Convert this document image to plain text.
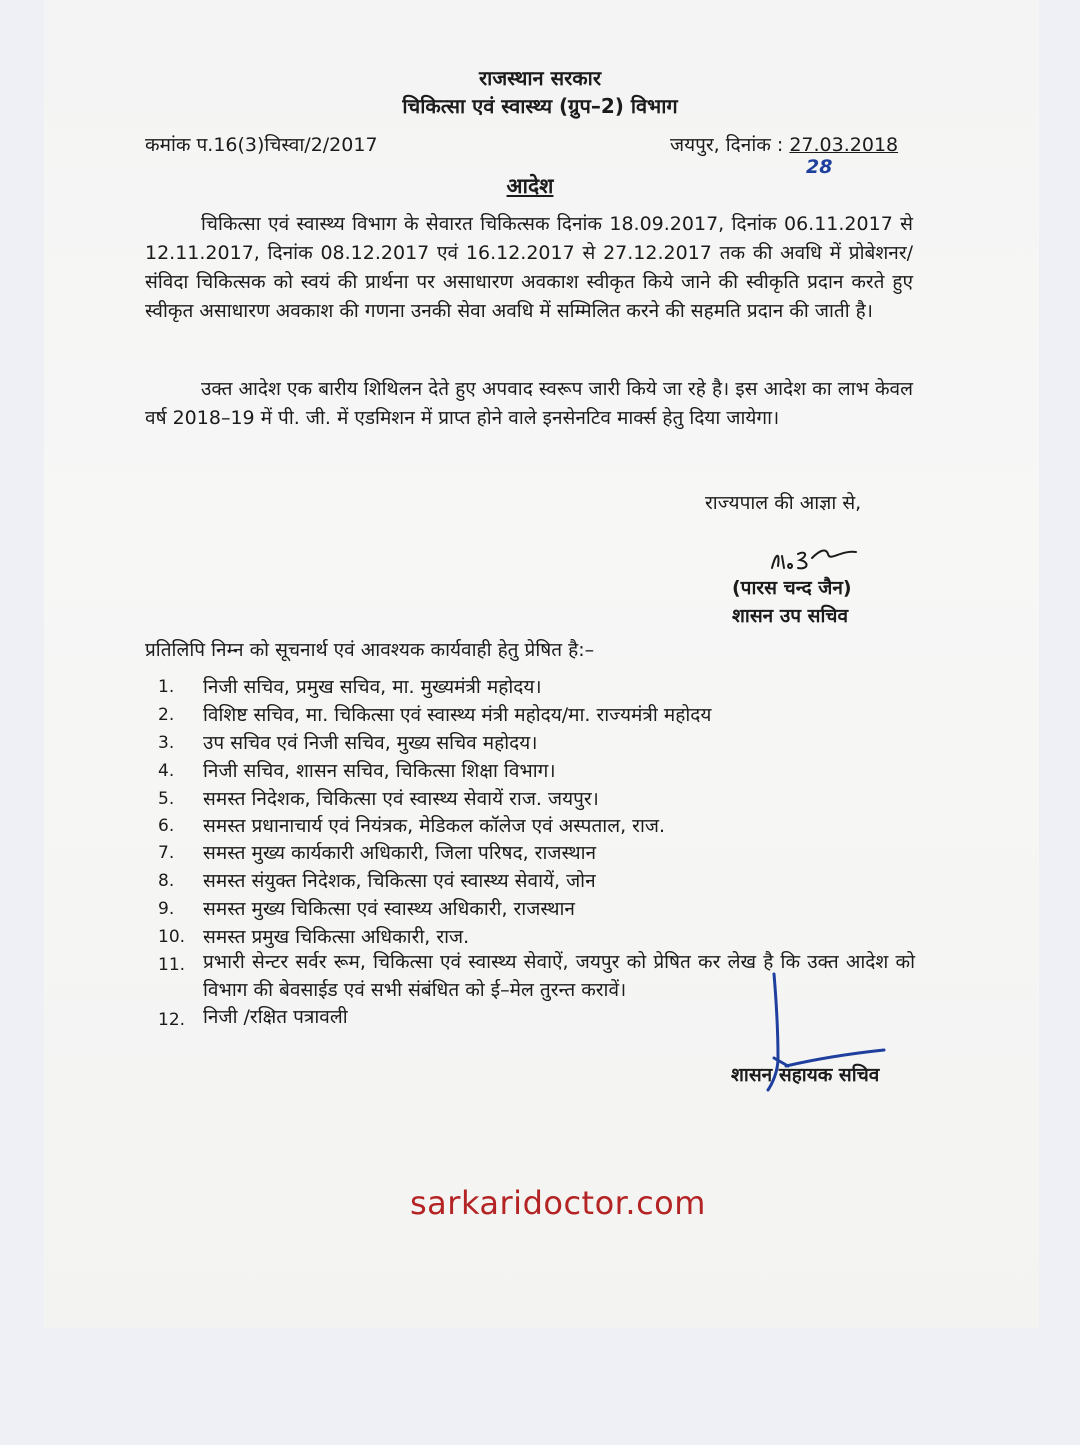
राजस्थान सरकार
चिकित्सा एवं स्वास्थ्य (ग्रुप–2) विभाग
कमांक प.16(3)चिस्वा/2/2017	जयपुर, दिनांक : 27.03.2018
28
आदेश
चिकित्सा एवं स्वास्थ्य विभाग के सेवारत चिकित्सक दिनांक 18.09.2017, दिनांक 06.11.2017 से 12.11.2017, दिनांक 08.12.2017 एवं 16.12.2017 से 27.12.2017 तक की अवधि में प्रोबेशनर/संविदा चिकित्सक को स्वयं की प्रार्थना पर असाधारण अवकाश स्वीकृत किये जाने की स्वीकृति प्रदान करते हुए स्वीकृत असाधारण अवकाश की गणना उनकी सेवा अवधि में सम्मिलित करने की सहमति प्रदान की जाती है।
उक्त आदेश एक बारीय शिथिलन देते हुए अपवाद स्वरूप जारी किये जा रहे है। इस आदेश का लाभ केवल वर्ष 2018–19 में पी. जी. में एडमिशन में प्राप्त होने वाले इनसेनटिव मार्क्स हेतु दिया जायेगा।
राज्यपाल की आज्ञा से,
(पारस चन्द जैन)
शासन उप सचिव
प्रतिलिपि निम्न को सूचनार्थ एवं आवश्यक कार्यवाही हेतु प्रेषित है:–
1. निजी सचिव, प्रमुख सचिव, मा. मुख्यमंत्री महोदय।
2. विशिष्ट सचिव, मा. चिकित्सा एवं स्वास्थ्य मंत्री महोदय/मा. राज्यमंत्री महोदय
3. उप सचिव एवं निजी सचिव, मुख्य सचिव महोदय।
4. निजी सचिव, शासन सचिव, चिकित्सा शिक्षा विभाग।
5. समस्त निदेशक, चिकित्सा एवं स्वास्थ्य सेवायें राज. जयपुर।
6. समस्त प्रधानाचार्य एवं नियंत्रक, मेडिकल कॉलेज एवं अस्पताल, राज.
7. समस्त मुख्य कार्यकारी अधिकारी, जिला परिषद, राजस्थान
8. समस्त संयुक्त निदेशक, चिकित्सा एवं स्वास्थ्य सेवायें, जोन
9. समस्त मुख्य चिकित्सा एवं स्वास्थ्य अधिकारी, राजस्थान
10. समस्त प्रमुख चिकित्सा अधिकारी, राज.
11. प्रभारी सेन्टर सर्वर रूम, चिकित्सा एवं स्वास्थ्य सेवाऐं, जयपुर को प्रेषित कर लेख है कि उक्त आदेश को विभाग की बेवसाईड एवं सभी संबंधित को ई–मेल तुरन्त करावें।
12. निजी /रक्षित पत्रावली
शासन सहायक सचिव
sarkaridoctor.com
